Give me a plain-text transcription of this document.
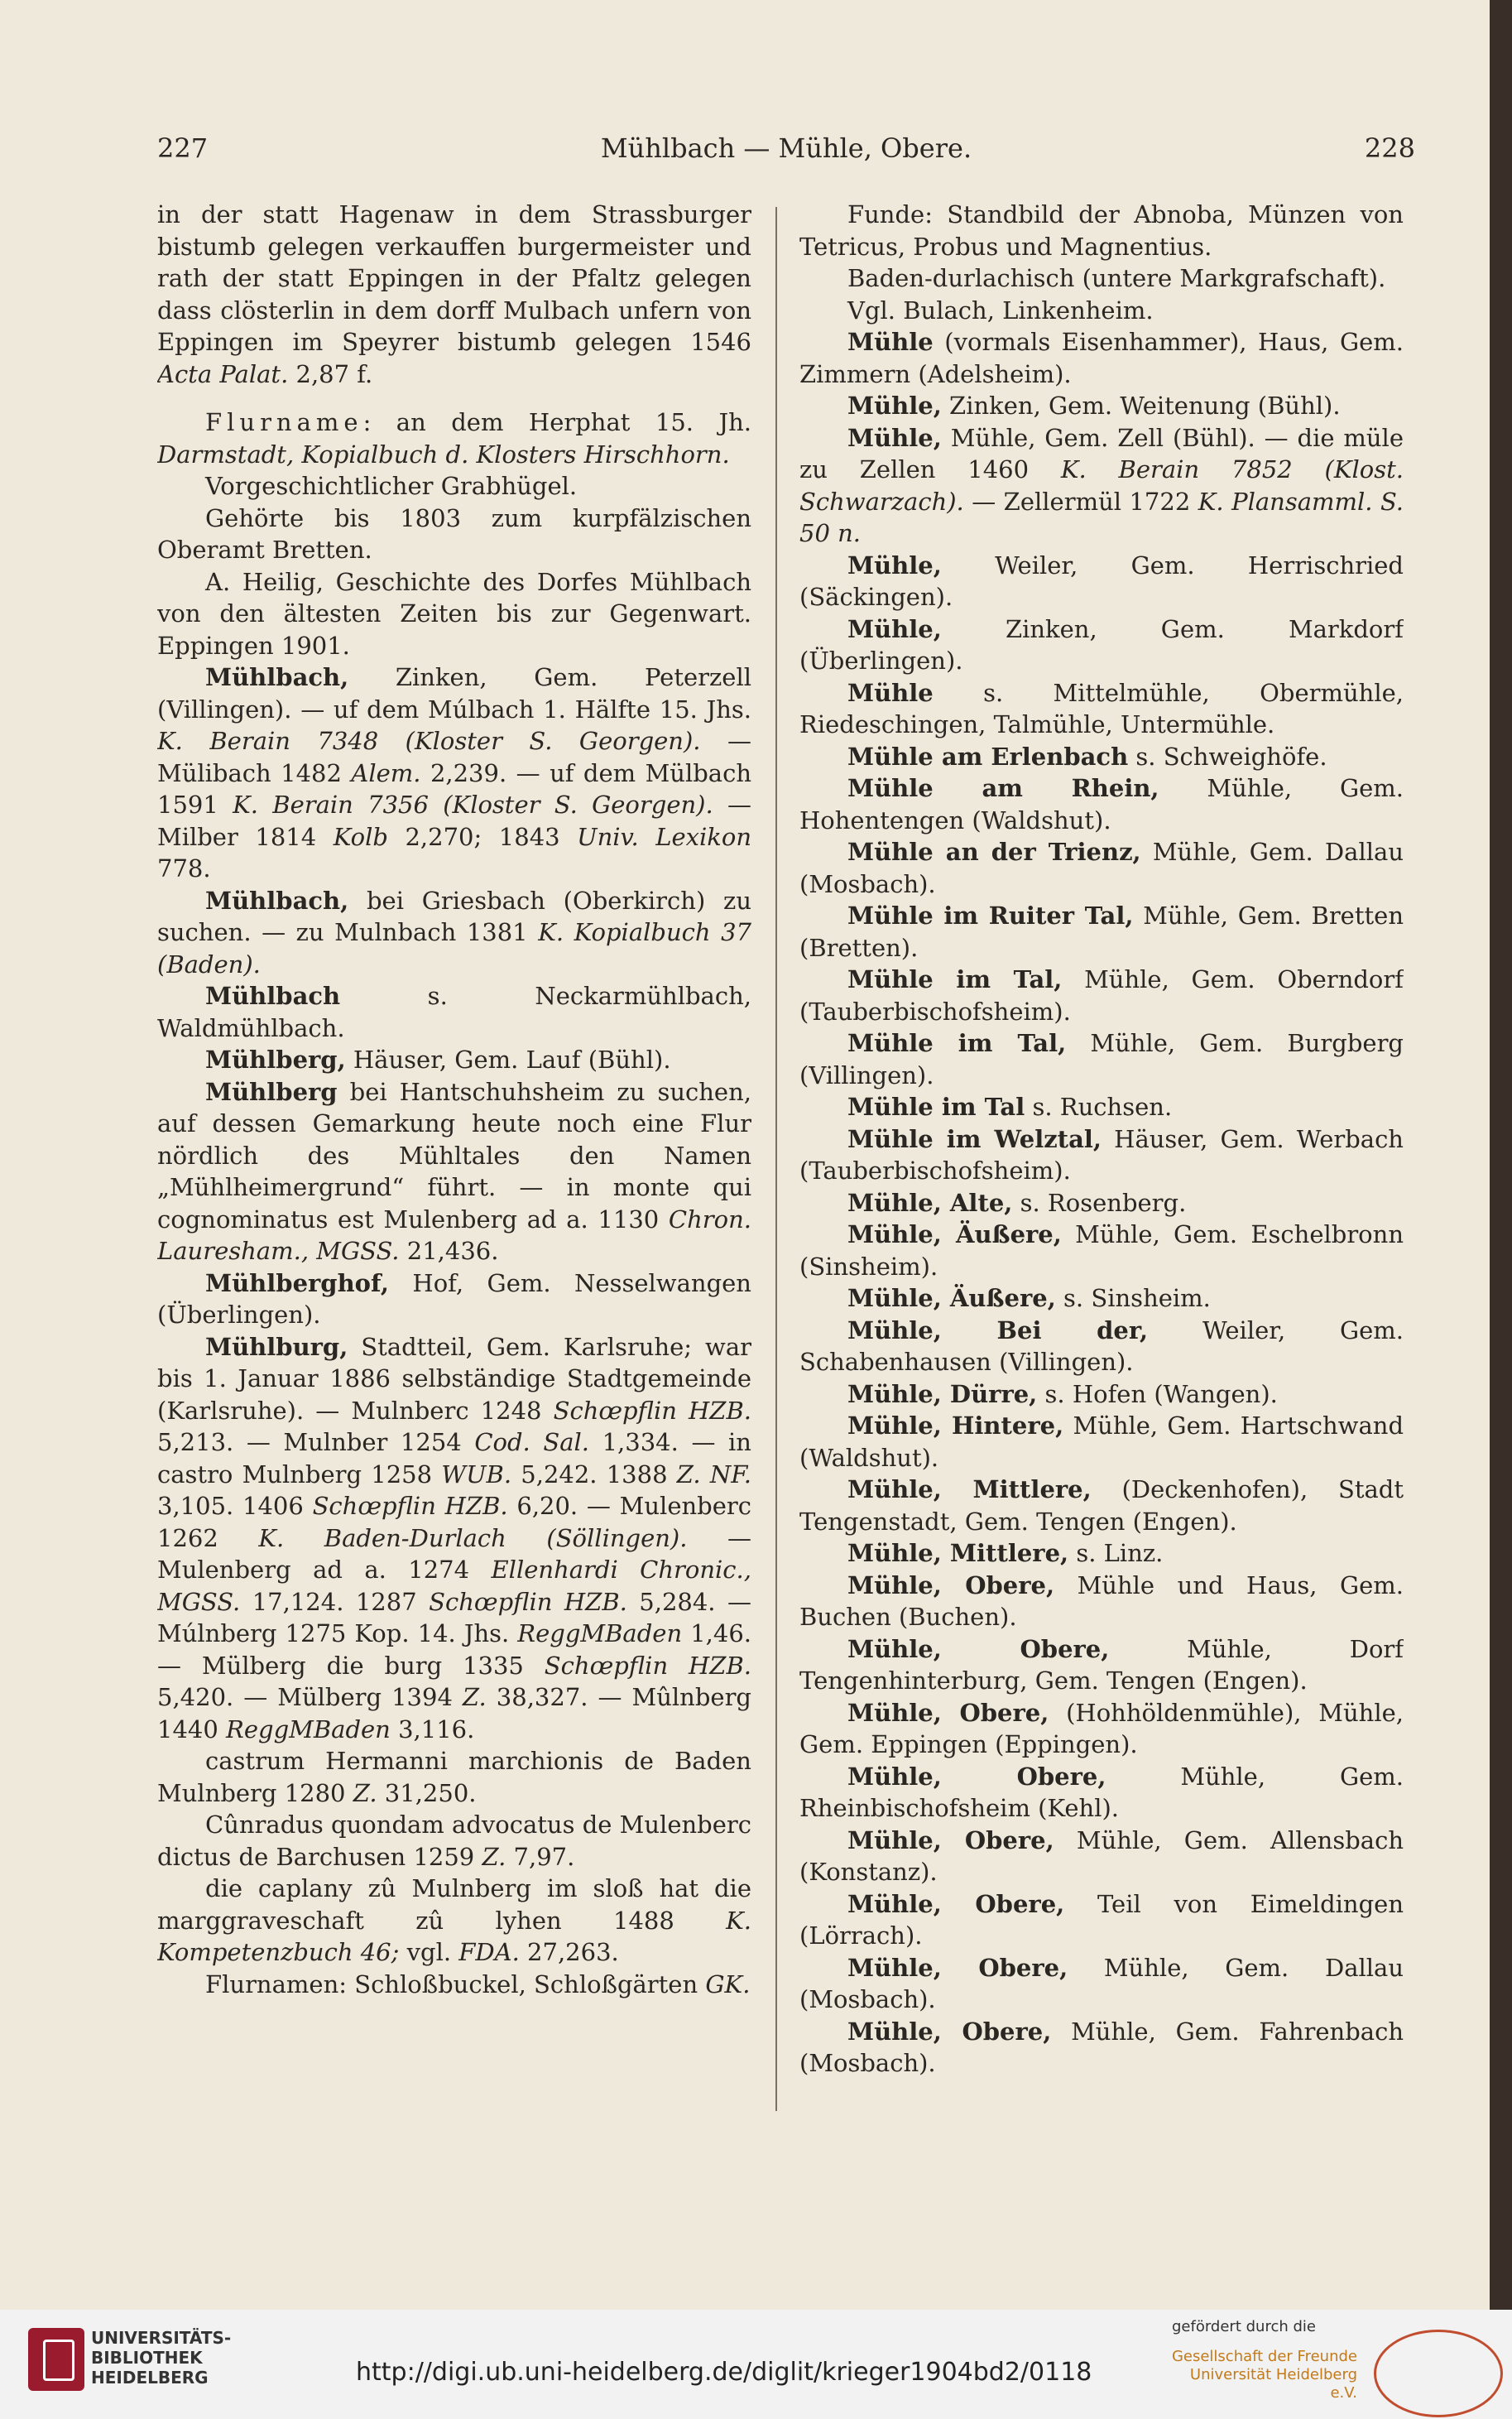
227	Mühlbach — Mühle, Obere.	228

in der statt Hagenaw in dem Strassburger bistumb gelegen verkauffen burgermeister und rath der statt Eppingen in der Pfaltz gelegen dass clösterlin in dem dorff Mulbach unfern von Eppingen im Speyrer bistumb gelegen 1546 Acta Palat. 2,87 f.

Flurname: an dem Herphat 15. Jh. Darmstadt, Kopialbuch d. Klosters Hirschhorn.

Vorgeschichtlicher Grabhügel.

Gehörte bis 1803 zum kurpfälzischen Oberamt Bretten.

A. Heilig, Geschichte des Dorfes Mühlbach von den ältesten Zeiten bis zur Gegenwart. Eppingen 1901.

Mühlbach, Zinken, Gem. Peterzell (Villingen). — uf dem Múlbach 1. Hälfte 15. Jhs. K. Berain 7348 (Kloster S. Georgen). — Mülibach 1482 Alem. 2,239. — uf dem Mülbach 1591 K. Berain 7356 (Kloster S. Georgen). — Milber 1814 Kolb 2,270; 1843 Univ. Lexikon 778.

Mühlbach, bei Griesbach (Oberkirch) zu suchen. — zu Mulnbach 1381 K. Kopialbuch 37 (Baden).

Mühlbach s. Neckarmühlbach, Waldmühlbach.

Mühlberg, Häuser, Gem. Lauf (Bühl).

Mühlberg bei Hantschuhsheim zu suchen, auf dessen Gemarkung heute noch eine Flur nördlich des Mühltales den Namen „Mühlheimergrund“ führt. — in monte qui cognominatus est Mulenberg ad a. 1130 Chron. Laur​esham., MGSS. 21,436.

Mühlberghof, Hof, Gem. Nesselwangen (Überlingen).

Mühlburg, Stadtteil, Gem. Karlsruhe; war bis 1. Januar 1886 selbständige Stadtgemeinde (Karlsruhe). — Mulnberc 1248 Schœpflin HZB. 5,213. — Mulnber 1254 Cod. Sal. 1,334. — in castro Mulnberg 1258 WUB. 5,242. 1388 Z. NF. 3,105. 1406 Schœpflin HZB. 6,20. — Mulenberc 1262 K. Baden-Durlach (Söllingen). — Mulenberg ad a. 1274 Ellenhardi Chronic., MGSS. 17,124. 1287 Schœpflin HZB. 5,284. — Múlnberg 1275 Kop. 14. Jhs. ReggMBaden 1,46. — Mülberg die burg 1335 Schœpflin HZB. 5,420. — Mülberg 1394 Z. 38,327. — Mûlnberg 1440 ReggMBaden 3,116.

castrum Hermanni marchionis de Baden Mulnberg 1280 Z. 31,250.

Cûnradus quondam advocatus de Mulenberc dictus de Barchusen 1259 Z. 7,97.

die caplany zû Mulnberg im sloß hat die marggraveschaft zû lyhen 1488 K. Kompetenzbuch 46; vgl. FDA. 27,263.

Flurnamen: Schloßbuckel, Schloßgärten GK.

Funde: Standbild der Abnoba, Münzen von Tetricus, Probus und Magnentius.

Baden-durlachisch (untere Markgrafschaft).

Vgl. Bulach, Linkenheim.

Mühle (vormals Eisenhammer), Haus, Gem. Zimmern (Adelsheim).

Mühle, Zinken, Gem. Weitenung (Bühl).

Mühle, Mühle, Gem. Zell (Bühl). — die müle zu Zellen 1460 K. Berain 7852 (Klost. Schwarzach). — Zellermül 1722 K. Plansamml. S. 50 n.

Mühle, Weiler, Gem. Herrischried (Säckingen).

Mühle, Zinken, Gem. Markdorf (Überlingen).

Mühle s. Mittelmühle, Obermühle, Riedeschingen, Talmühle, Untermühle.

Mühle am Erlenbach s. Schweighöfe.

Mühle am Rhein, Mühle, Gem. Hohentengen (Waldshut).

Mühle an der Trienz, Mühle, Gem. Dallau (Mosbach).

Mühle im Ruiter Tal, Mühle, Gem. Bretten (Bretten).

Mühle im Tal, Mühle, Gem. Oberndorf (Tauberbischofsheim).

Mühle im Tal, Mühle, Gem. Burgberg (Villingen).

Mühle im Tal s. Ruchsen.

Mühle im Welztal, Häuser, Gem. Werbach (Tauberbischofsheim).

Mühle, Alte, s. Rosenberg.

Mühle, Äußere, Mühle, Gem. Eschelbronn (Sinsheim).

Mühle, Äußere, s. Sinsheim.

Mühle, Bei der, Weiler, Gem. Schabenhausen (Villingen).

Mühle, Dürre, s. Hofen (Wangen).

Mühle, Hintere, Mühle, Gem. Hartschwand (Waldshut).

Mühle, Mittlere, (Deckenhofen), Stadt Tengenstadt, Gem. Tengen (Engen).

Mühle, Mittlere, s. Linz.

Mühle, Obere, Mühle und Haus, Gem. Buchen (Buchen).

Mühle, Obere, Mühle, Dorf Tengenhinterburg, Gem. Tengen (Engen).

Mühle, Obere, (Hohhöldenmühle), Mühle, Gem. Eppingen (Eppingen).

Mühle, Obere, Mühle, Gem. Rheinbischofsheim (Kehl).

Mühle, Obere, Mühle, Gem. Allensbach (Konstanz).

Mühle, Obere, Teil von Eimeldingen (Lörrach).

Mühle, Obere, Mühle, Gem. Dallau (Mosbach).

Mühle, Obere, Mühle, Gem. Fahrenbach (Mosbach).

UNIVERSITÄTS-
BIBLIOTHEK
HEIDELBERG	http://digi.ub.uni-heidelberg.de/diglit/krieger1904bd2/0118
gefördert durch die
Gesellschaft der Freunde
Universität Heidelberg e.V.
